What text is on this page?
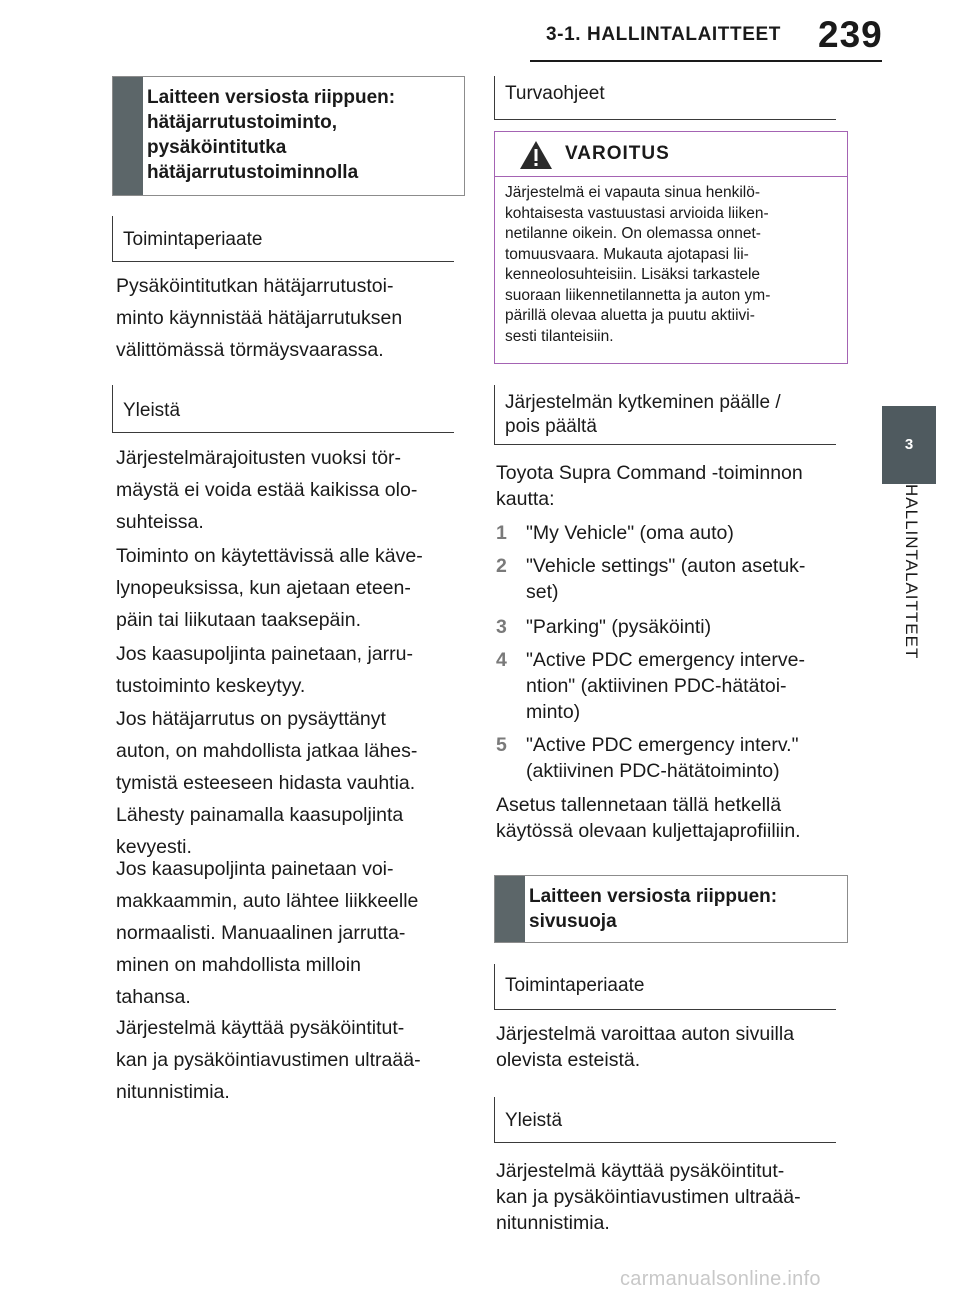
3-1. HALLINTALAITTEET 239
3
HALLINTALAITTEET
Laitteen versiosta riippuen:
hätäjarrutustoiminto,
pysäköintitutka
hätäjarrutustoiminnolla
Toimintaperiaate
Pysäköintitutkan hätäjarrutustoi-
minto käynnistää hätäjarrutuksen
välittömässä törmäysvaarassa.
Yleistä
Järjestelmärajoitusten vuoksi tör-
mäystä ei voida estää kaikissa olo-
suhteissa.
Toiminto on käytettävissä alle käve-
lynopeuksissa, kun ajetaan eteen-
päin tai liikutaan taaksepäin.
Jos kaasupoljinta painetaan, jarru-
tustoiminto keskeytyy.
Jos hätäjarrutus on pysäyttänyt
auton, on mahdollista jatkaa lähes-
tymistä esteeseen hidasta vauhtia.
Lähesty painamalla kaasupoljinta
kevyesti.
Jos kaasupoljinta painetaan voi-
makkaammin, auto lähtee liikkeelle
normaalisti. Manuaalinen jarrutta-
minen on mahdollista milloin
tahansa.
Järjestelmä käyttää pysäköintitut-
kan ja pysäköintiavustimen ultraää-
nitunnistimia.
Turvaohjeet
VAROITUS
Järjestelmä ei vapauta sinua henkilö-
kohtaisesta vastuustasi arvioida liiken-
netilanne oikein. On olemassa onnet-
tomuusvaara. Mukauta ajotapasi lii-
kenneolosuhteisiin. Lisäksi tarkastele
suoraan liikennetilannetta ja auton ym-
pärillä olevaa aluetta ja puutu aktiivi-
sesti tilanteisiin.
Järjestelmän kytkeminen päälle /
pois päältä
Toyota Supra Command -toiminnon
kautta:
1 "My Vehicle" (oma auto)
2 "Vehicle settings" (auton asetuk-
set)
3 "Parking" (pysäköinti)
4 "Active PDC emergency interve-
ntion" (aktiivinen PDC-hätätoi-
minto)
5 "Active PDC emergency interv."
(aktiivinen PDC-hätätoiminto)
Asetus tallennetaan tällä hetkellä
käytössä olevaan kuljettajaprofiiliin.
Laitteen versiosta riippuen:
sivusuoja
Toimintaperiaate
Järjestelmä varoittaa auton sivuilla
olevista esteistä.
Yleistä
Järjestelmä käyttää pysäköintitut-
kan ja pysäköintiavustimen ultraää-
nitunnistimia.
carmanualsonline.info
